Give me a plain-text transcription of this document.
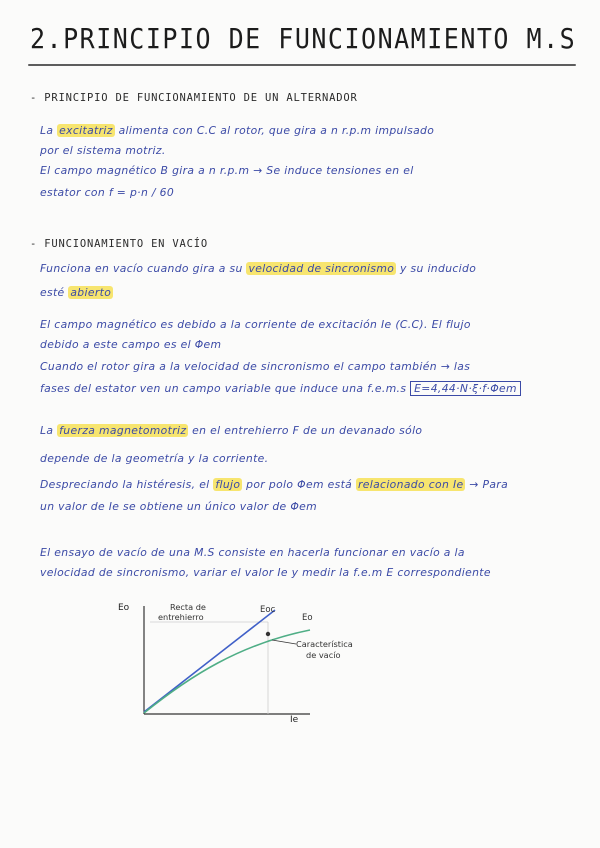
2.PRINCIPIO DE FUNCIONAMIENTO M.S
- PRINCIPIO DE FUNCIONAMIENTO DE UN ALTERNADOR
La excitatriz alimenta con C.C al rotor, que gira a n r.p.m impulsado
por el sistema motriz.
El campo magnético B gira a n r.p.m → Se induce tensiones en el
estator con f = p·n / 60
- FUNCIONAMIENTO EN VACÍO
Funciona en vacío cuando gira a su velocidad de sincronismo y su inducido
esté abierto
El campo magnético es debido a la corriente de excitación Ie (C.C). El flujo
debido a este campo es el Φem
Cuando el rotor gira a la velocidad de sincronismo el campo también → las
fases del estator ven un campo variable que induce una f.e.m.s E=4,44·N·ξ·f·Φem
La fuerza magnetomotriz en el entrehierro F de un devanado sólo
depende de la geometría y la corriente.
Despreciando la histéresis, el flujo por polo Φem está relacionado con Ie → Para
un valor de Ie se obtiene un único valor de Φem
El ensayo de vacío de una M.S consiste en hacerla funcionar en vacío a la
velocidad de sincronismo, variar el valor Ie y medir la f.e.m E correspondiente
Eo
Ie
Eoc
Eo
Recta de entrehierro
Característica de vacío
